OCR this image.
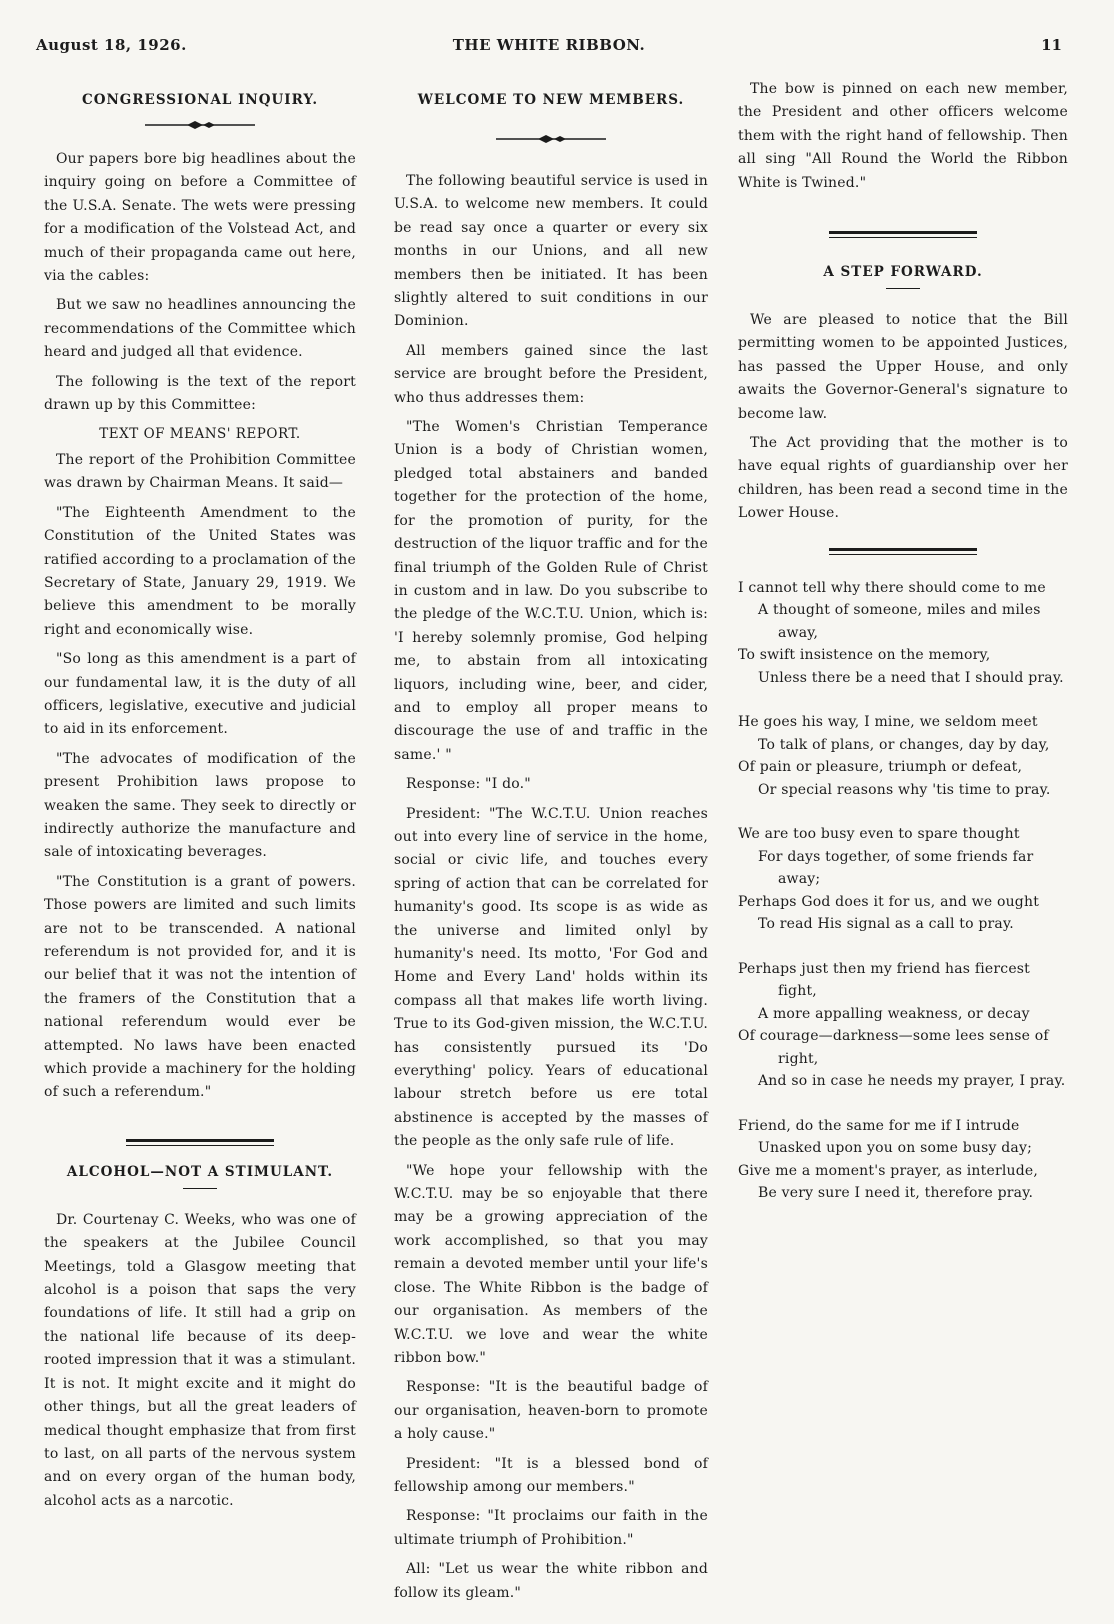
August 18, 1926.	THE WHITE RIBBON.	11
CONGRESSIONAL INQUIRY.

Our papers bore big headlines about the inquiry going on before a Committee of the U.S.A. Senate. The wets were pressing for a modification of the Volstead Act, and much of their propaganda came out here, via the cables:

But we saw no headlines announcing the recommendations of the Committee which heard and judged all that evidence.

The following is the text of the report drawn up by this Committee:

TEXT OF MEANS' REPORT.

The report of the Prohibition Committee was drawn by Chairman Means. It said—

"The Eighteenth Amendment to the Constitution of the United States was ratified according to a proclamation of the Secretary of State, January 29, 1919. We believe this amendment to be morally right and economically wise.

"So long as this amendment is a part of our fundamental law, it is the duty of all officers, legislative, executive and judicial to aid in its enforcement.

"The advocates of modification of the present Prohibition laws propose to weaken the same. They seek to directly or indirectly authorize the manufacture and sale of intoxicating beverages.

"The Constitution is a grant of powers. Those powers are limited and such limits are not to be transcended. A national referendum is not provided for, and it is our belief that it was not the intention of the framers of the Constitution that a national referendum would ever be attempted. No laws have been enacted which provide a machinery for the holding of such a referendum."

ALCOHOL—NOT A STIMULANT.

Dr. Courtenay C. Weeks, who was one of the speakers at the Jubilee Council Meetings, told a Glasgow meeting that alcohol is a poison that saps the very foundations of life. It still had a grip on the national life because of its deep-rooted impression that it was a stimulant. It is not. It might excite and it might do other things, but all the great leaders of medical thought emphasize that from first to last, on all parts of the nervous system and on every organ of the human body, alcohol acts as a narcotic.

WELCOME TO NEW MEMBERS.

The following beautiful service is used in U.S.A. to welcome new members. It could be read say once a quarter or every six months in our Unions, and all new members then be initiated. It has been slightly altered to suit conditions in our Dominion.

All members gained since the last service are brought before the President, who thus addresses them:

"The Women's Christian Temperance Union is a body of Christian women, pledged total abstainers and banded together for the protection of the home, for the promotion of purity, for the destruction of the liquor traffic and for the final triumph of the Golden Rule of Christ in custom and in law. Do you subscribe to the pledge of the W.C.T.U. Union, which is: 'I hereby solemnly promise, God helping me, to abstain from all intoxicating liquors, including wine, beer, and cider, and to employ all proper means to discourage the use of and traffic in the same.' "

Response: "I do."

President: "The W.C.T.U. Union reaches out into every line of service in the home, social or civic life, and touches every spring of action that can be correlated for humanity's good. Its scope is as wide as the universe and limited onlyl by humanity's need. Its motto, 'For God and Home and Every Land' holds within its compass all that makes life worth living. True to its God-given mission, the W.C.T.U. has consistently pursued its 'Do everything' policy. Years of educational labour stretch before us ere total abstinence is accepted by the masses of the people as the only safe rule of life.

"We hope your fellowship with the W.C.T.U. may be so enjoyable that there may be a growing appreciation of the work accomplished, so that you may remain a devoted member until your life's close. The White Ribbon is the badge of our organisation. As members of the W.C.T.U. we love and wear the white ribbon bow."

Response: "It is the beautiful badge of our organisation, heaven-born to promote a holy cause."

President: "It is a blessed bond of fellowship among our members."

Response: "It proclaims our faith in the ultimate triumph of Prohibition."

All: "Let us wear the white ribbon and follow its gleam."

The bow is pinned on each new member, the President and other officers welcome them with the right hand of fellowship. Then all sing "All Round the World the Ribbon White is Twined."

A STEP FORWARD.

We are pleased to notice that the Bill permitting women to be appointed Justices, has passed the Upper House, and only awaits the Governor-General's signature to become law.

The Act providing that the mother is to have equal rights of guardianship over her children, has been read a second time in the Lower House.

I cannot tell why there should come to me
A thought of someone, miles and miles away,
To swift insistence on the memory,
Unless there be a need that I should pray.
He goes his way, I mine, we seldom meet
To talk of plans, or changes, day by day,
Of pain or pleasure, triumph or defeat,
Or special reasons why 'tis time to pray.
We are too busy even to spare thought
For days together, of some friends far away;
Perhaps God does it for us, and we ought
To read His signal as a call to pray.
Perhaps just then my friend has fiercest fight,
A more appalling weakness, or decay
Of courage—darkness—some lees sense of right,
And so in case he needs my prayer, I pray.
Friend, do the same for me if I intrude
Unasked upon you on some busy day;
Give me a moment's prayer, as interlude,
Be very sure I need it, therefore pray.
